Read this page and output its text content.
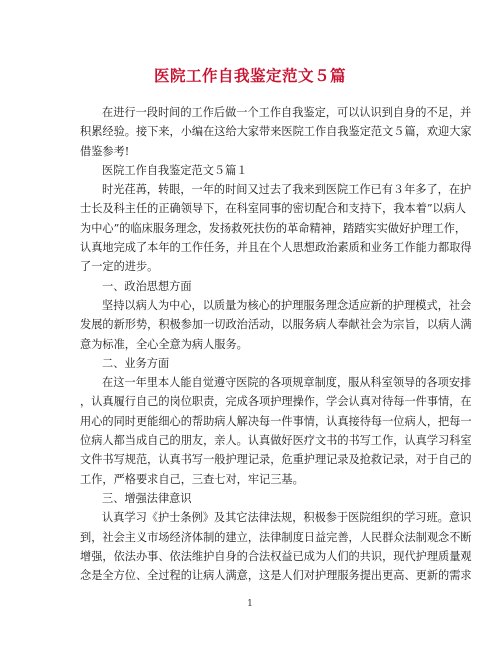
医院工作自我鉴定范文５篇
在进行一段时间的工作后做一个工作自我鉴定，可以认识到自身的不足，并
积累经验。接下来，小编在这给大家带来医院工作自我鉴定范文５篇，欢迎大家
借鉴参考!
医院工作自我鉴定范文５篇１
时光荏苒，转眼，一年的时间又过去了我来到医院工作已有３年多了，在护
士长及科主任的正确领导下，在科室同事的密切配合和支持下，我本着”以病人
为中心”的临床服务理念，发扬救死扶伤的革命精神，踏踏实实做好护理工作，
认真地完成了本年的工作任务，并且在个人思想政治素质和业务工作能力都取得
了一定的进步。
一、政治思想方面
坚持以病人为中心，以质量为核心的护理服务理念适应新的护理模式，社会
发展的新形势，积极参加一切政治活动，以服务病人奉献社会为宗旨，以病人满
意为标准，全心全意为病人服务。
二、业务方面
在这一年里本人能自觉遵守医院的各项规章制度，服从科室领导的各项安排
，认真履行自己的岗位职责，完成各项护理操作，学会认真对待每一件事情，在
用心的同时更能细心的帮助病人解决每一件事情，认真接待每一位病人，把每一
位病人都当成自己的朋友，亲人。认真做好医疗文书的书写工作，认真学习科室
文件书写规范，认真书写一般护理记录，危重护理记录及抢救记录，对于自己的
工作，严格要求自己，三查七对，牢记三基。
三、增强法律意识
认真学习《护士条例》及其它法律法规，积极参于医院组织的学习班。意识
到，社会主义市场经济体制的建立，法律制度日益完善，人民群众法制观念不断
增强，依法办事、依法维护自身的合法权益已成为人们的共识，现代护理质量观
念是全方位、全过程的让病人满意，这是人们对护理服务提出更高、更新的需求
1
